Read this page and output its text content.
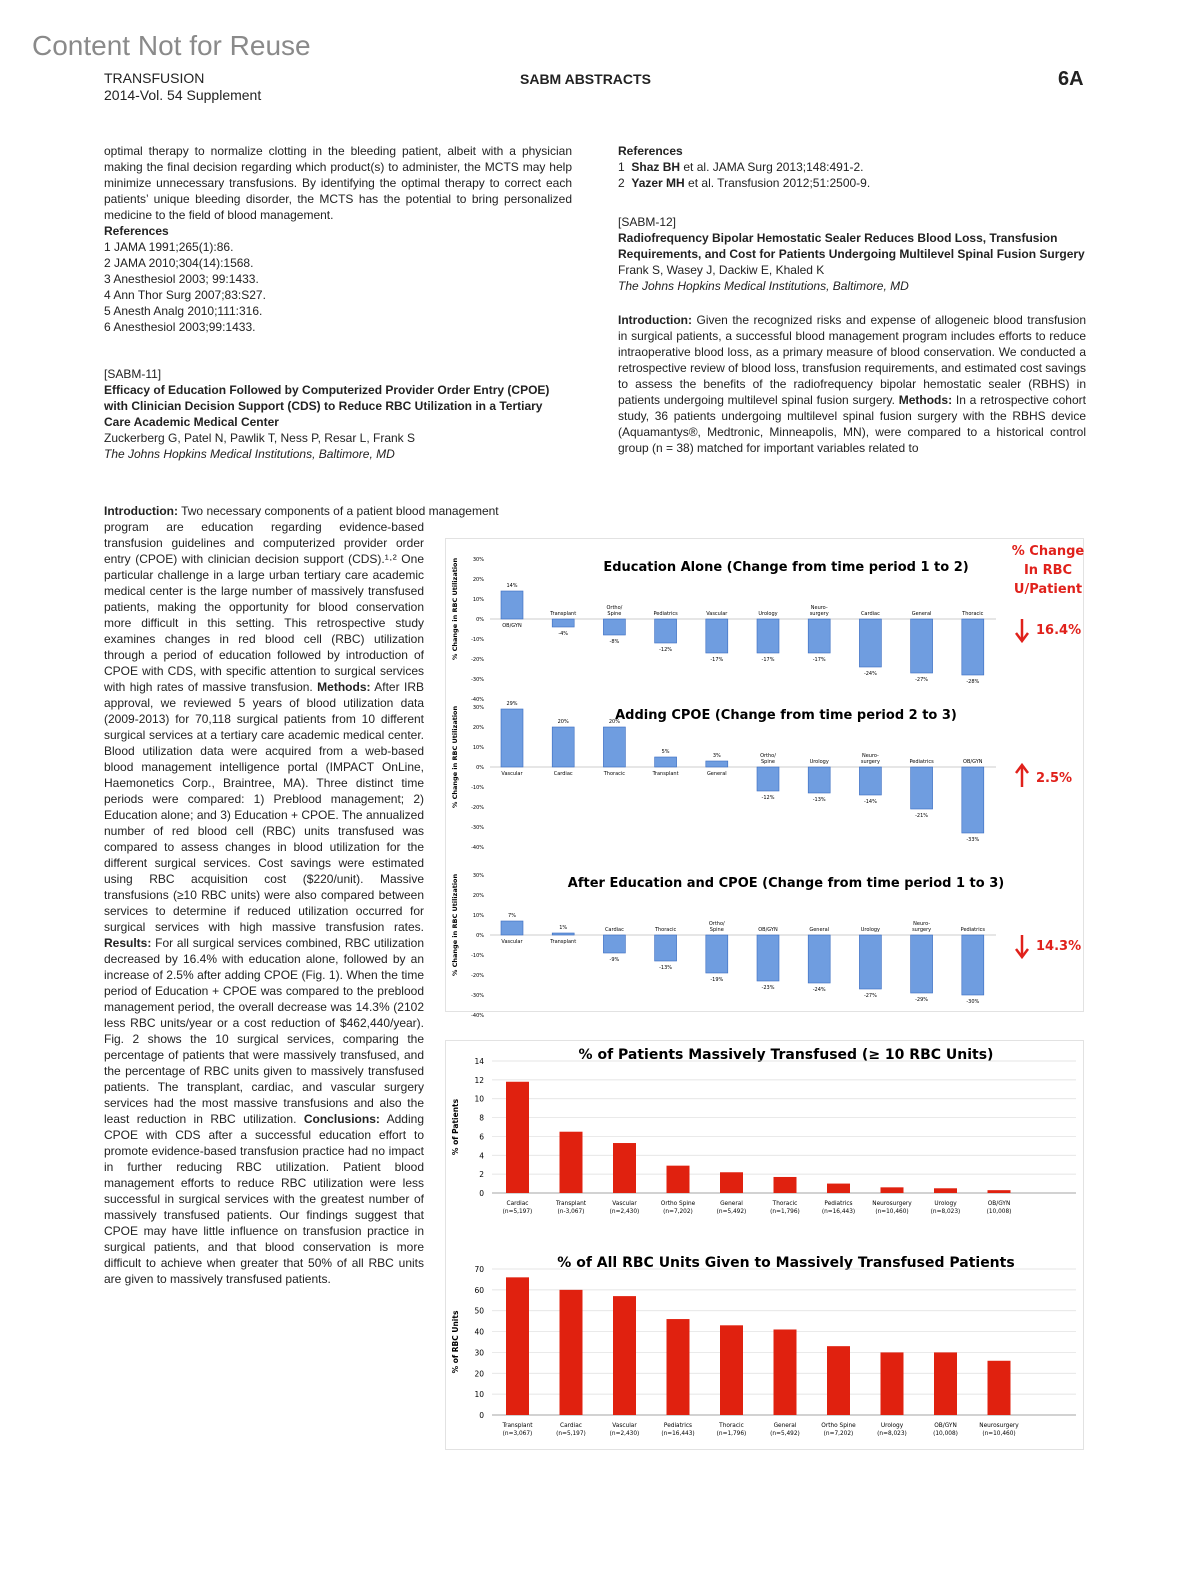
Content Not for Reuse
TRANSFUSION
2014-Vol. 54 Supplement
SABM ABSTRACTS	6A

optimal therapy to normalize clotting in the bleeding patient, albeit with a physician making the final decision regarding which product(s) to administer, the MCTS may help minimize unnecessary transfusions. By identifying the optimal therapy to correct each patients’ unique bleeding disorder, the MCTS has the potential to bring personalized medicine to the field of blood management.

References

1 JAMA 1991;265(1):86.

2 JAMA 2010;304(14):1568.

3 Anesthesiol 2003; 99:1433.

4 Ann Thor Surg 2007;83:S27.

5 Anesth Analg 2010;111:316.

6 Anesthesiol 2003;99:1433.

[SABM-11]

Efficacy of Education Followed by Computerized Provider Order Entry (CPOE) with Clinician Decision Support (CDS) to Reduce RBC Utilization in a Tertiary Care Academic Medical Center

Zuckerberg G, Patel N, Pawlik T, Ness P, Resar L, Frank S

The Johns Hopkins Medical Institutions, Baltimore, MD

References

1 Shaz BH et al. JAMA Surg 2013;148:491-2.

2 Yazer MH et al. Transfusion 2012;51:2500-9.

[SABM-12]

Radiofrequency Bipolar Hemostatic Sealer Reduces Blood Loss, Transfusion Requirements, and Cost for Patients Undergoing Multilevel Spinal Fusion Surgery

Frank S, Wasey J, Dackiw E, Khaled K

The Johns Hopkins Medical Institutions, Baltimore, MD

Introduction: Given the recognized risks and expense of allogeneic blood transfusion in surgical patients, a successful blood management program includes efforts to reduce intraoperative blood loss, as a primary measure of blood conservation. We conducted a retrospective review of blood loss, transfusion requirements, and estimated cost savings to assess the benefits of the radiofrequency bipolar hemostatic sealer (RBHS) in patients undergoing multilevel spinal fusion surgery. Methods: In a retrospective cohort study, 36 patients undergoing multilevel spinal fusion surgery with the RBHS device (Aquamantys®, Medtronic, Minneapolis, MN), were compared to a historical control group (n = 38) matched for important variables related to

Introduction: Two necessary components of a patient blood management

program are education regarding evidence-based transfusion guidelines and computerized provider order entry (CPOE) with clinician decision support (CDS).¹·² One particular challenge in a large urban tertiary care academic medical center is the large number of massively transfused patients, making the opportunity for blood conservation more difficult in this setting. This retrospective study examines changes in red blood cell (RBC) utilization through a period of education followed by introduction of CPOE with CDS, with specific attention to surgical services with high rates of massive transfusion. Methods: After IRB approval, we reviewed 5 years of blood utilization data (2009-2013) for 70,118 surgical patients from 10 different surgical services at a tertiary care academic medical center. Blood utilization data were acquired from a web-based blood management intelligence portal (IMPACT OnLine, Haemonetics Corp., Braintree, MA). Three distinct time periods were compared: 1) Preblood management; 2) Education alone; and 3) Education + CPOE. The annualized number of red blood cell (RBC) units transfused was compared to assess changes in blood utilization for the different surgical services. Cost savings were estimated using RBC acquisition cost ($220/unit). Massive transfusions (≥10 RBC units) were also compared between services to determine if reduced utilization occurred for surgical services with high massive transfusion rates. Results: For all surgical services combined, RBC utilization decreased by 16.4% with education alone, followed by an increase of 2.5% after adding CPOE (Fig. 1). When the time period of Education + CPOE was compared to the preblood management period, the overall decrease was 14.3% (2102 less RBC units/year or a cost reduction of $462,440/year). Fig. 2 shows the 10 surgical services, comparing the percentage of patients that were massively transfused, and the percentage of RBC units given to massively transfused patients. The transplant, cardiac, and vascular surgery services had the most massive transfusions and also the least reduction in RBC utilization. Conclusions: Adding CPOE with CDS after a successful education effort to promote evidence-based transfusion practice had no impact in further reducing RBC utilization. Patient blood management efforts to reduce RBC utilization were less successful in surgical services with the greatest number of massively transfused patients. Our findings suggest that CPOE may have little influence on transfusion practice in surgical patients, and that blood conservation is more difficult to achieve when greater that 50% of all RBC units are given to massively transfused patients.

% Change
In RBC
U/Patient
Education Alone (Change from time period 1 to 2)
30%
20%
10%
0%
-10%
-20%
-30%
-40%
% Change in RBC Utilization	14%
OB/GYN
-4%
Transplant
-8%
Ortho/
Spine
-12%
Pediatrics
-17%
Vascular
-17%
Urology
-17%
Neuro-
surgery
-24%
Cardiac
-27%
General
-28%
Thoracic
16.4%
Adding CPOE (Change from time period 2 to 3)
30%
20%
10%
0%
-10%
-20%
-30%
-40%
% Change in RBC Utilization
29%
Vascular
20%
Cardiac
20%
Thoracic
5%
Transplant
3%
General
-12%
Ortho/
Spine
-13%
Urology
-14%
Neuro-
surgery
-21%
Pediatrics
-33%
OB/GYN
2.5%
After Education and CPOE (Change from time period 1 to 3)
30%
20%
10%
0%
-10%
-20%
-30%
-40%
% Change in RBC Utilization	7%
Vascular
1%
Transplant
-9%
Cardiac
-13%
Thoracic
-19%
Ortho/
Spine
-23%
OB/GYN
-24%
General
-27%
Urology
-29%
Neuro-
surgery
-30%
Pediatrics
14.3%
% of Patients Massively Transfused (≥ 10 RBC Units)
0
2
4
6
8
10
12
14
% of Patients
Cardiac
(n=5,197)
Transplant
(n-3,067)
Vascular
(n=2,430)
Ortho Spine
(n=7,202)
General
(n=5,492)
Thoracic
(n=1,796)
Pediatrics
(n=16,443)
Neurosurgery
(n=10,460)
Urology
(n=8,023)
OB/GYN
(10,008)
% of All RBC Units Given to Massively Transfused Patients
0
10
20
30
40
50
60
70
% of RBC Units
Transplant
(n=3,067)
Cardiac
(n=5,197)
Vascular
(n=2,430)
Pediatrics
(n=16,443)
Thoracic
(n=1,796)
General
(n=5,492)
Ortho Spine
(n=7,202)
Urology
(n=8,023)
OB/GYN
(10,008)
Neurosurgery
(n=10,460)
